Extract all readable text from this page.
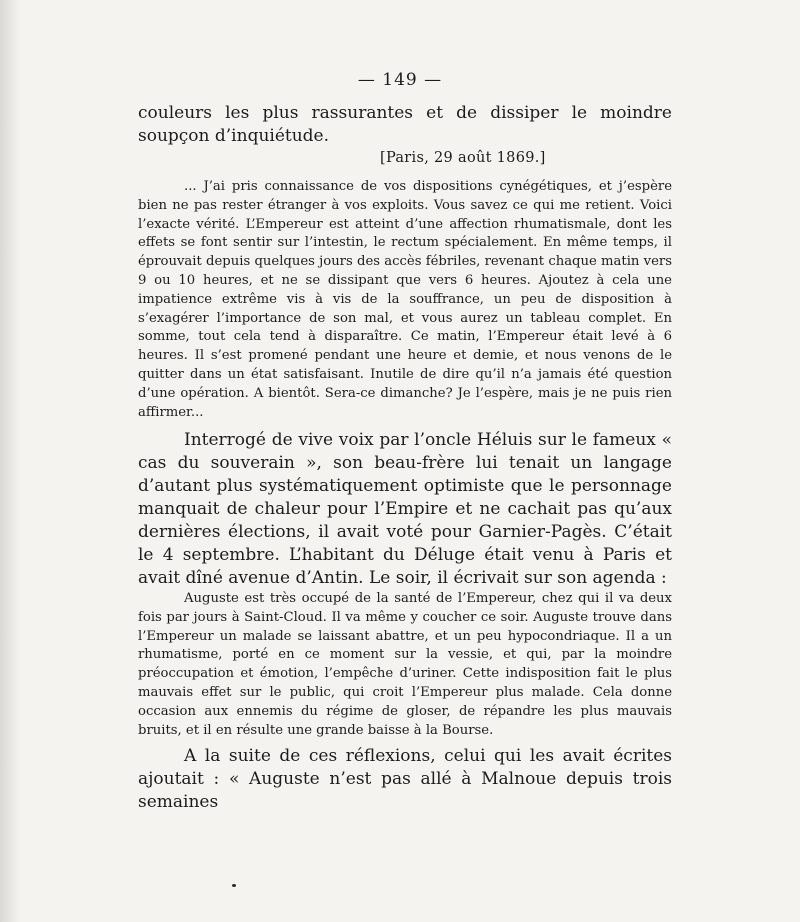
— 149 —

couleurs les plus rassurantes et de dissiper le moindre soupçon d’inquiétude.

[Paris, 29 août 1869.]

... J’ai pris connaissance de vos dispositions cynégétiques, et j’espère bien ne pas rester étranger à vos exploits. Vous savez ce qui me retient. Voici l’exacte vérité. L’Empereur est atteint d’une affection rhumatismale, dont les effets se font sentir sur l’intestin, le rectum spécialement. En même temps, il éprouvait depuis quelques jours des accès fébriles, revenant chaque matin vers 9 ou 10 heures, et ne se dissipant que vers 6 heures. Ajoutez à cela une impatience extrême vis à vis de la souffrance, un peu de disposition à s’exagérer l’importance de son mal, et vous aurez un tableau complet. En somme, tout cela tend à disparaître. Ce matin, l’Empereur était levé à 6 heures. Il s’est promené pendant une heure et demie, et nous venons de le quitter dans un état satisfaisant. Inutile de dire qu’il n’a jamais été question d’une opération. A bientôt. Sera-ce dimanche? Je l’espère, mais je ne puis rien affirmer...

Interrogé de vive voix par l’oncle Héluis sur le fameux « cas du souverain », son beau-frère lui tenait un langage d’autant plus systématiquement optimiste que le personnage manquait de chaleur pour l’Empire et ne cachait pas qu’aux dernières élections, il avait voté pour Garnier-Pagès. C’était le 4 septembre. L’habitant du Déluge était venu à Paris et avait dîné avenue d’Antin. Le soir, il écrivait sur son agenda :

Auguste est très occupé de la santé de l’Empereur, chez qui il va deux fois par jours à Saint-Cloud. Il va même y coucher ce soir. Auguste trouve dans l’Empereur un malade se laissant abattre, et un peu hypocondriaque. Il a un rhumatisme, porté en ce moment sur la vessie, et qui, par la moindre préoccupation et émotion, l’empêche d’uriner. Cette indisposition fait le plus mauvais effet sur le public, qui croit l’Empereur plus malade. Cela donne occasion aux ennemis du régime de gloser, de répandre les plus mauvais bruits, et il en résulte une grande baisse à la Bourse.

A la suite de ces réflexions, celui qui les avait écrites ajoutait : « Auguste n’est pas allé à Malnoue depuis trois semaines
